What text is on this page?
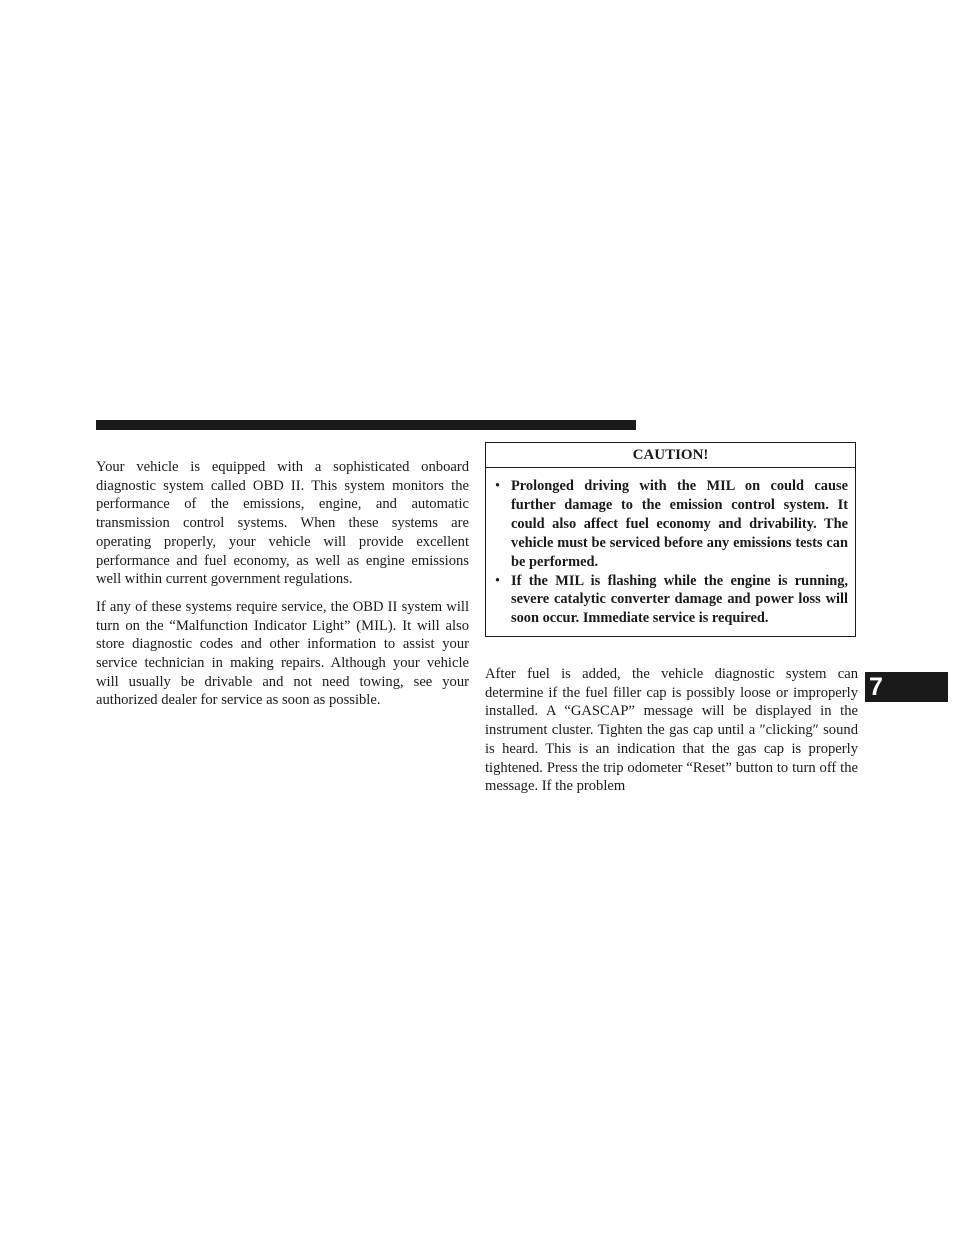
Your vehicle is equipped with a sophisticated onboard diagnostic system called OBD II. This system monitors the performance of the emissions, engine, and automatic transmission control systems. When these systems are operating properly, your vehicle will provide excellent performance and fuel economy, as well as engine emissions well within current government regulations.

If any of these systems require service, the OBD II system will turn on the “Malfunction Indicator Light” (MIL). It will also store diagnostic codes and other information to assist your service technician in making repairs. Although your vehicle will usually be drivable and not need towing, see your authorized dealer for service as soon as possible.

CAUTION!
• Prolonged driving with the MIL on could cause further damage to the emission control system. It could also affect fuel economy and drivability. The vehicle must be serviced before any emissions tests can be performed.
• If the MIL is flashing while the engine is running, severe catalytic converter damage and power loss will soon occur. Immediate service is required.

After fuel is added, the vehicle diagnostic system can determine if the fuel filler cap is possibly loose or improperly installed. A “GASCAP” message will be displayed in the instrument cluster. Tighten the gas cap until a ″clicking″ sound is heard. This is an indication that the gas cap is properly tightened. Press the trip odometer “Reset” button to turn off the message. If the problem

7
